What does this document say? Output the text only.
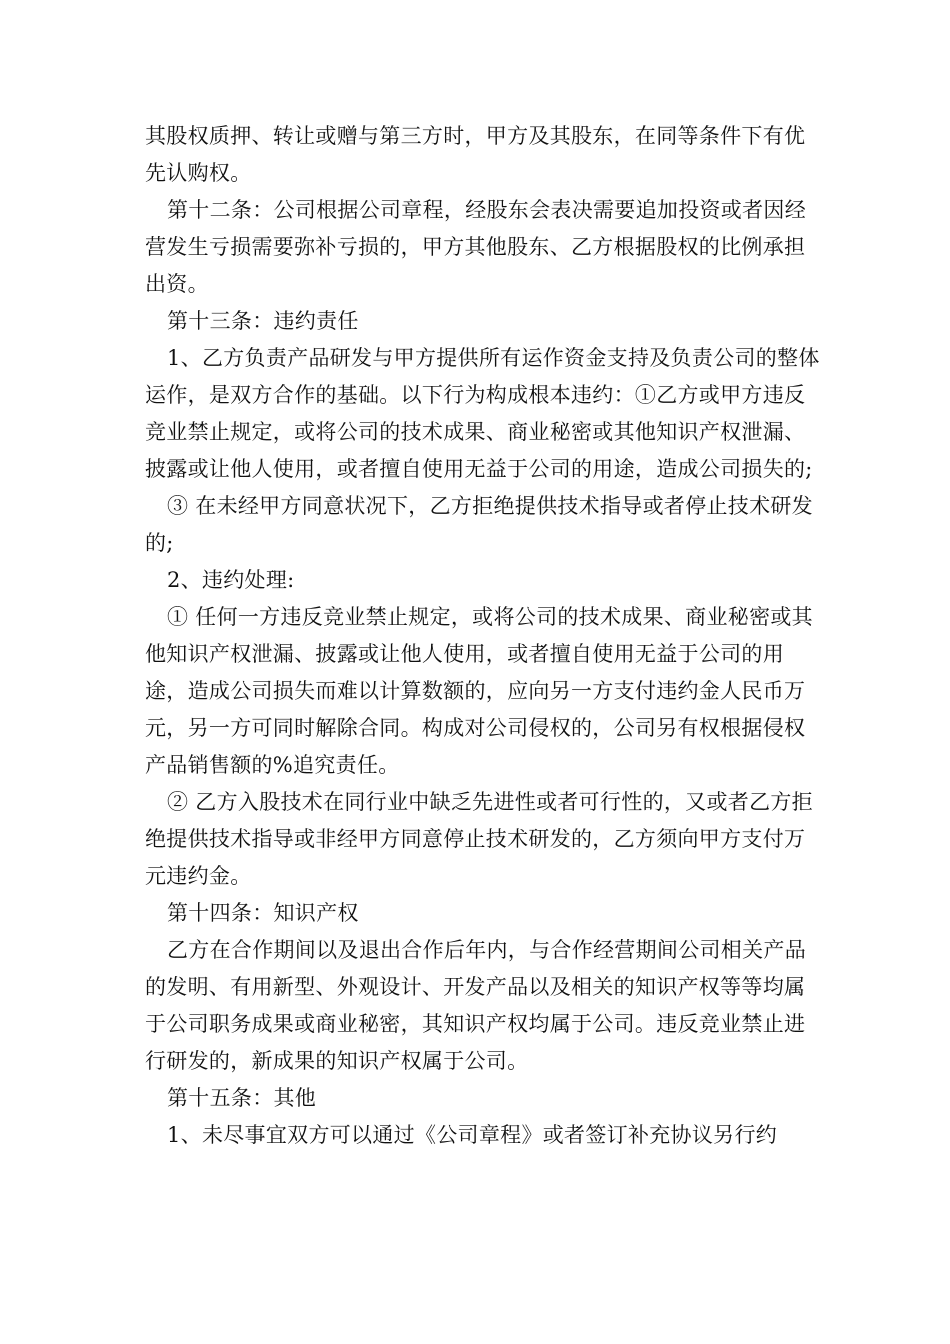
其股权质押、转让或赠与第三方时，甲方及其股东，在同等条件下有优先认购权。

第十二条：公司根据公司章程，经股东会表决需要追加投资或者因经营发生亏损需要弥补亏损的，甲方其他股东、乙方根据股权的比例承担出资。

第十三条：违约责任

1、乙方负责产品研发与甲方提供所有运作资金支持及负责公司的整体运作，是双方合作的基础。以下行为构成根本违约：①乙方或甲方违反竞业禁止规定，或将公司的技术成果、商业秘密或其他知识产权泄漏、披露或让他人使用，或者擅自使用无益于公司的用途，造成公司损失的;

③ 在未经甲方同意状况下，乙方拒绝提供技术指导或者停止技术研发的;

2、违约处理:

① 任何一方违反竞业禁止规定，或将公司的技术成果、商业秘密或其他知识产权泄漏、披露或让他人使用，或者擅自使用无益于公司的用途，造成公司损失而难以计算数额的，应向另一方支付违约金人民币万元，另一方可同时解除合同。构成对公司侵权的，公司另有权根据侵权产品销售额的%追究责任。

② 乙方入股技术在同行业中缺乏先进性或者可行性的，又或者乙方拒绝提供技术指导或非经甲方同意停止技术研发的，乙方须向甲方支付万元违约金。

第十四条：知识产权

乙方在合作期间以及退出合作后年内，与合作经营期间公司相关产品的发明、有用新型、外观设计、开发产品以及相关的知识产权等等均属于公司职务成果或商业秘密，其知识产权均属于公司。违反竞业禁止进行研发的，新成果的知识产权属于公司。

第十五条：其他

1、未尽事宜双方可以通过《公司章程》或者签订补充协议另行约
